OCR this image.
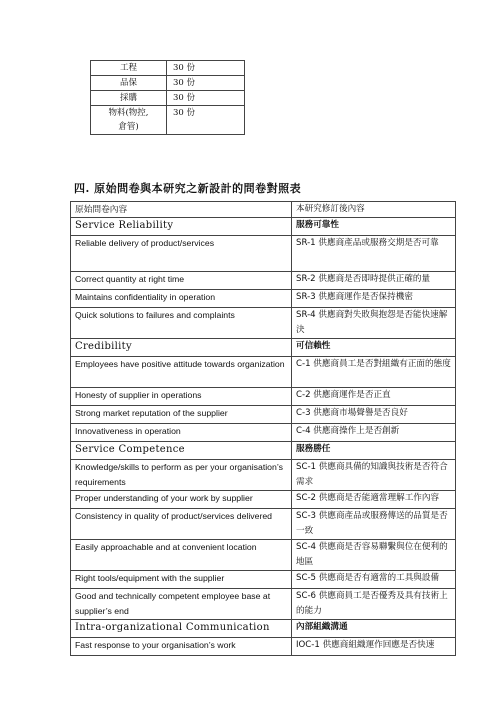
工程	30 份
品保	30 份
採購	30 份
物料(物控,
倉管)	30 份
四. 原始問卷與本研究之新設計的問卷對照表
原始問卷內容	本研究修訂後內容
Service Reliability	服務可靠性
Reliable delivery of product/services	SR-1 供應商產品或服務交期是否可靠
Correct quantity at right time	SR-2 供應商是否即時提供正確的量
Maintains confidentiality in operation	SR-3 供應商運作是否保持機密
Quick solutions to failures and complaints	SR-4 供應商對失敗與抱怨是否能快速解決
Credibility	可信賴性
Employees have positive attitude towards organization	C-1 供應商員工是否對組織有正面的態度
Honesty of supplier in operations	C-2 供應商運作是否正直
Strong market reputation of the supplier	C-3 供應商市場聲譽是否良好
Innovativeness in operation	C-4 供應商操作上是否創新
Service Competence	服務勝任
Knowledge/skills to perform as per your organisation’s requirements	SC-1 供應商具備的知識與技術是否符合需求
Proper understanding of your work by supplier	SC-2 供應商是否能適當理解工作內容
Consistency in quality of product/services delivered	SC-3 供應商產品或服務傳送的品質是否一致
Easily approachable and at convenient location	SC-4 供應商是否容易聯繫與位在便利的地區
Right tools/equipment with the supplier	SC-5 供應商是否有適當的工具與設備
Good and technically competent employee base at supplier’s end	SC-6 供應商員工是否優秀及具有技術上的能力
Intra-organizational Communication	內部組織溝通
Fast response to your organisation’s work	IOC-1 供應商組織運作回應是否快速
